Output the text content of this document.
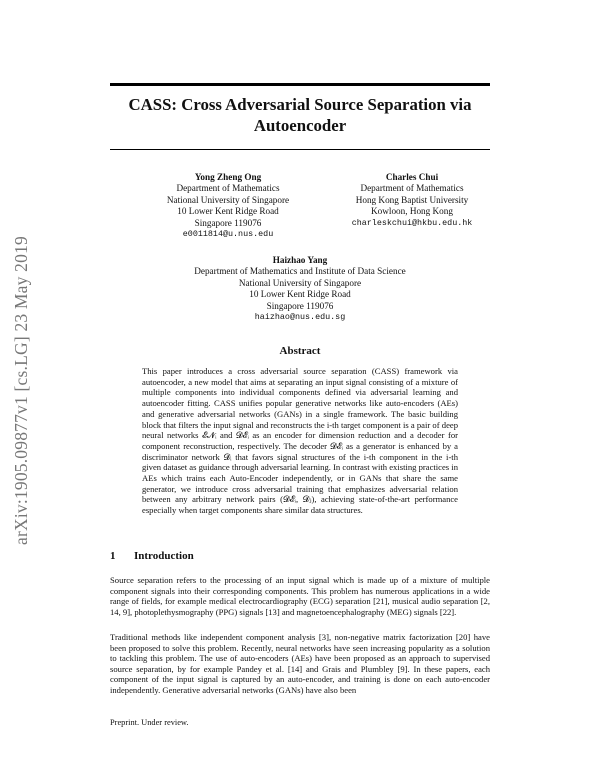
arXiv:1905.09877v1 [cs.LG] 23 May 2019
CASS: Cross Adversarial Source Separation via
Autoencoder
Yong Zheng Ong
Department of Mathematics
National University of Singapore
10 Lower Kent Ridge Road
Singapore 119076
e0011814@u.nus.edu
Charles Chui
Department of Mathematics
Hong Kong Baptist University
Kowloon, Hong Kong
charleskchui@hkbu.edu.hk
Haizhao Yang
Department of Mathematics and Institute of Data Science
National University of Singapore
10 Lower Kent Ridge Road
Singapore 119076
haizhao@nus.edu.sg
Abstract
This paper introduces a cross adversarial source separation (CASS) framework via autoencoder, a new model that aims at separating an input signal consisting of a mixture of multiple components into individual components defined via adversarial learning and autoencoder fitting. CASS unifies popular generative networks like auto-encoders (AEs) and generative adversarial networks (GANs) in a single framework. The basic building block that filters the input signal and reconstructs the i-th target component is a pair of deep neural networks 𝓔𝓝ᵢ and 𝓓𝓔ᵢ as an encoder for dimension reduction and a decoder for component reconstruction, respectively. The decoder 𝓓𝓔ᵢ as a generator is enhanced by a discriminator network 𝓓ᵢ that favors signal structures of the i-th component in the i-th given dataset as guidance through adversarial learning. In contrast with existing practices in AEs which trains each Auto-Encoder independently, or in GANs that share the same generator, we introduce cross adversarial training that emphasizes adversarial relation between any arbitrary network pairs (𝓓𝓔ᵢ, 𝓓ⱼ), achieving state-of-the-art performance especially when target components share similar data structures.
1 Introduction
Source separation refers to the processing of an input signal which is made up of a mixture of multiple component signals into their corresponding components. This problem has numerous applications in a wide range of fields, for example medical electrocardiography (ECG) separation [21], musical audio separation [2, 14, 9], photoplethysmography (PPG) signals [13] and magnetoencephalography (MEG) signals [22].
Traditional methods like independent component analysis [3], non-negative matrix factorization [20] have been proposed to solve this problem. Recently, neural networks have seen increasing popularity as a solution to tackling this problem. The use of auto-encoders (AEs) have been proposed as an approach to supervised source separation, by for example Pandey et al. [14] and Grais and Plumbley [9]. In these papers, each component of the input signal is captured by an auto-encoder, and training is done on each auto-encoder independently. Generative adversarial networks (GANs) have also been
Preprint. Under review.
